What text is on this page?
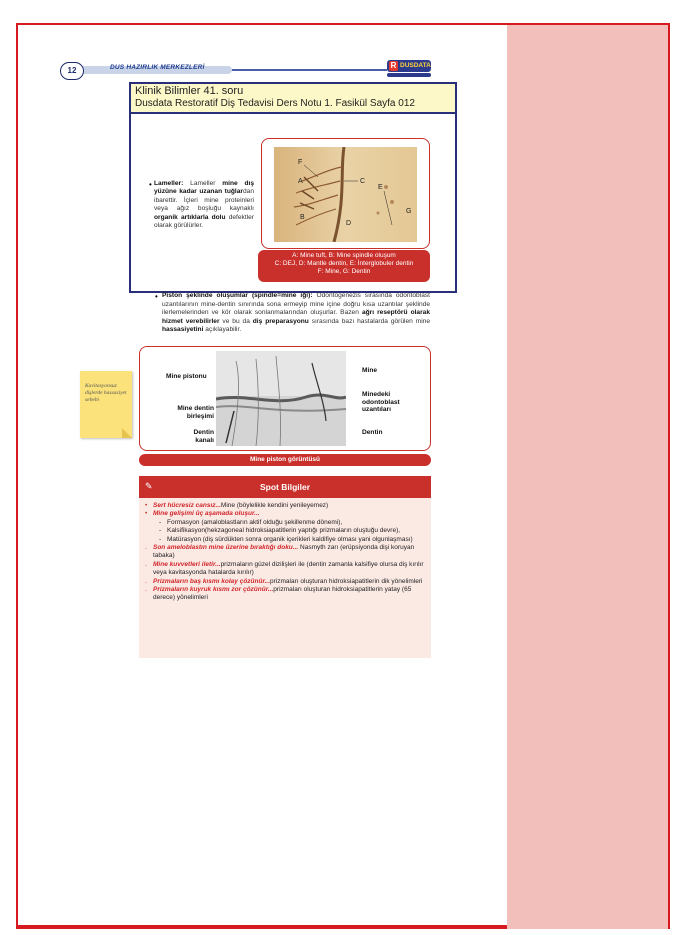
12	DUS HAZIRLIK MERKEZLERİ	R DUSDATA
Klinik Bilimler 41. soru
Dusdata Restoratif Diş Tedavisi Ders Notu 1. Fasikül Sayfa 012
• Lameller: Lameller mine dış yüzüne kadar uzanan tuğlardan ibarettir. İçleri mine proteinleri veya ağız boşluğu kaynaklı organik artıklarla dolu defektler olarak görülürler.
F
A	C
E
B
D
G
A: Mine tuft, B: Mine spindle oluşum
C: DEJ, D: Mantle dentin, E: İnterglobuler dentin
F: Mine, G: Dentin
• Piston şeklinde oluşumlar (spindle=mine iği): Odontogenezis sırasında odontoblast uzantılarının mine-dentin sınırında sona ermeyip mine içine doğru kısa uzantılar şeklinde ilerlemelerinden ve kör olarak sonlanmalarından oluşurlar. Bazen ağrı reseptörü olarak hizmet verebilirler ve bu da diş preparasyonu sırasında bazı hastalarda görülen mine hassasiyetini açıklayabilir.
Kavitasyonsuz dişlerde hassasiyet sebebi
Mine pistonu
Mine dentin
birleşimi
Dentin
kanalı
Mine
Minedeki
odontoblast
uzantıları
Dentin
Mine piston görüntüsü
✎	Spot Bilgiler
• Sert hücresiz cansız...Mine (böylelikle kendini yenileyemez)
• Mine gelişimi üç aşamada oluşur...
- Formasyon (amaloblastların aktif olduğu şekillenme dönemi),
- Kalsifikasyon(hekzagoneal hidroksiapatitlerin yaptığı prizmaların oluştuğu devre),
- Matürasyon (diş sürdükten sonra organik içerikleri kaldifiye olması yani olgunlaşması)
. Son ameloblastın mine üzerine bıraktığı doku... Nasmyth zarı (erüpsiyonda dişi koruyan tabaka)
. Mine kuvvetleri iletir...prizmaların güzel dizilişleri ile (dentin zamanla kalsifiye olursa diş kırılır veya kavitasyonda hatalarda kırılır)
. Prizmaların baş kısmı kolay çözünür...prizmaları oluşturan hidroksiapatitlerin dik yönelimleri
. Prizmaların kuyruk kısmı zor çözünür...prizmaları oluşturan hidroksiapatitlerin yatay (65 derece) yönelimleri
